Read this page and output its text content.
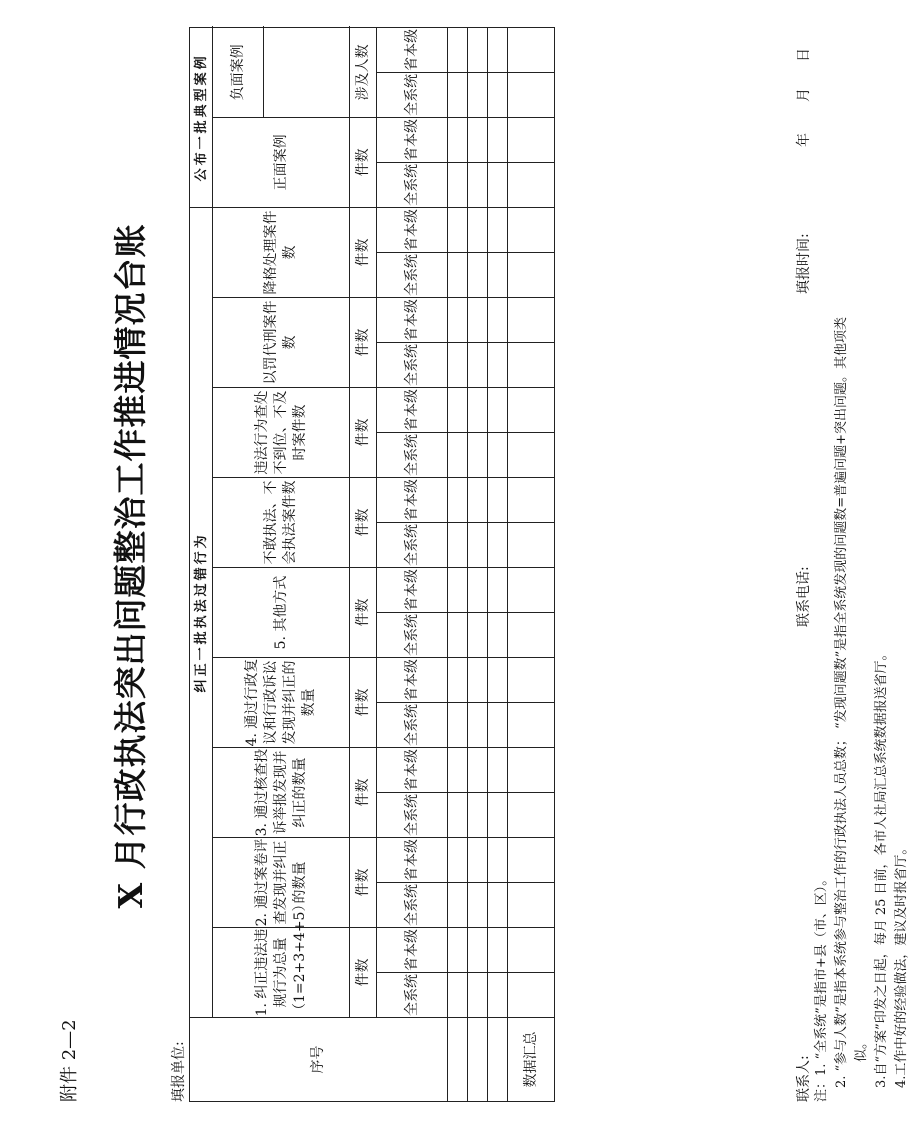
附件 2—2
X 月行政执法突出问题整治工作推进情况台账
填报单位:	序号	纠正一批执法过错行为																		公布一批典型案例				
	1. 纠正违法违规行为总量（1=2+3+4+5）		2. 通过案卷评查发现并纠正的数量		3. 通过核查投诉举报发现并纠正的数量		4. 通过行政复议和行政诉讼发现并纠正的数量		5. 其他方式		不敢执法、不会执法案件数		违法行为查处不到位、不及时案件数		以罚代刑案件数		降格处理案件数		正面案例		负面案例		

	件数		件数		件数		件数		件数		件数		件数		件数		件数		件数		涉及人数		
	全系统	省本级	全系统	省本级	全系统	省本级	全系统	省本级	全系统	省本级	全系统	省本级	全系统	省本级	全系统	省本级	全系统	省本级	全系统	省本级	全系统	省本级	

数据汇总																								联系人:
联系电话:
填报时间:
年
月
日
注：1. “全系统”是指市+县（市、区）。 2. “参与人数”是指本系统参与整治工作的行政执法人员总数； “发现问题数”是指全系统发现的问题数=普遍问题+突出问题。其他项类 似。 3.自“方案”印发之日起，每月 25 日前，各市人社局汇总系统数据报送省厅。 4.工作中好的经验做法，建议及时报省厅。
